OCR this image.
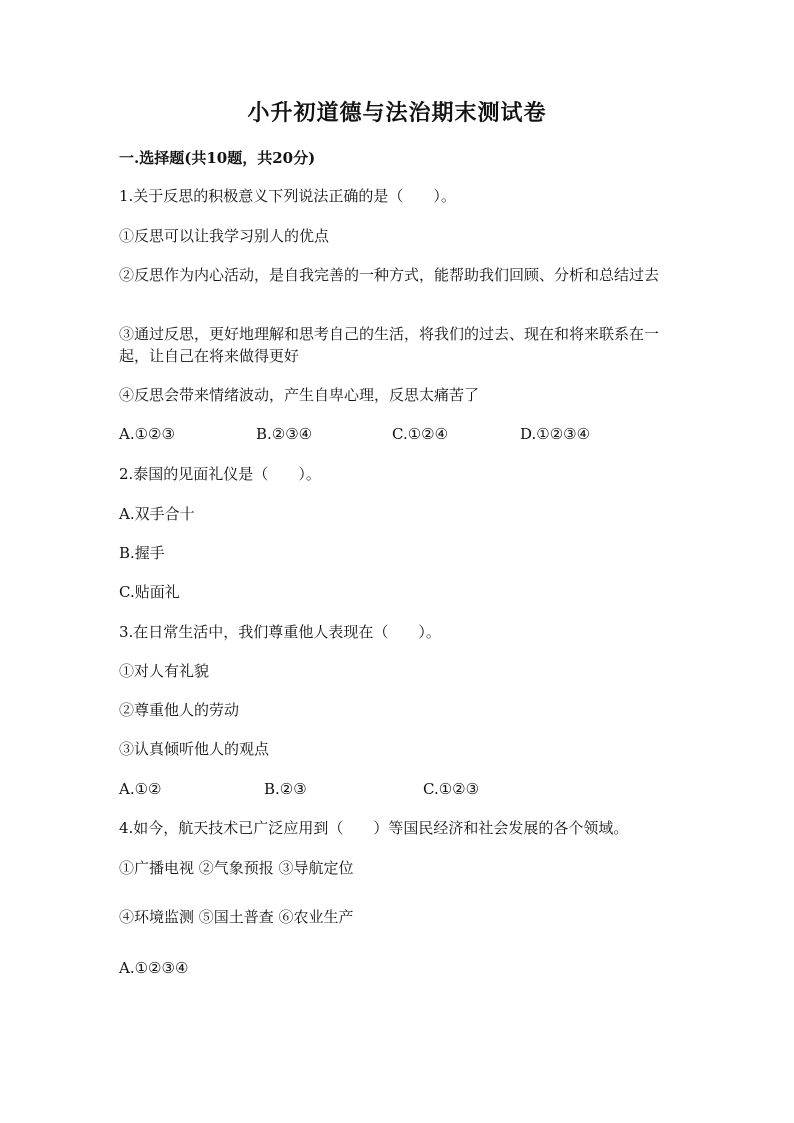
小升初道德与法治期末测试卷
一.选择题(共10题，共20分)
1.关于反思的积极意义下列说法正确的是（　　）。
①反思可以让我学习别人的优点
②反思作为内心活动，是自我完善的一种方式，能帮助我们回顾、分析和总结过去
③通过反思，更好地理解和思考自己的生活，将我们的过去、现在和将来联系在一起，让自己在将来做得更好
④反思会带来情绪波动，产生自卑心理，反思太痛苦了
A.①②③	B.②③④	C.①②④	D.①②③④
2.泰国的见面礼仪是（　　）。
A.双手合十
B.握手
C.贴面礼
3.在日常生活中，我们尊重他人表现在（　　）。
①对人有礼貌
②尊重他人的劳动
③认真倾听他人的观点
A.①②	B.②③	C.①②③
4.如今，航天技术已广泛应用到（　　）等国民经济和社会发展的各个领域。
①广播电视 ②气象预报 ③导航定位
④环境监测 ⑤国土普查 ⑥农业生产
A.①②③④
